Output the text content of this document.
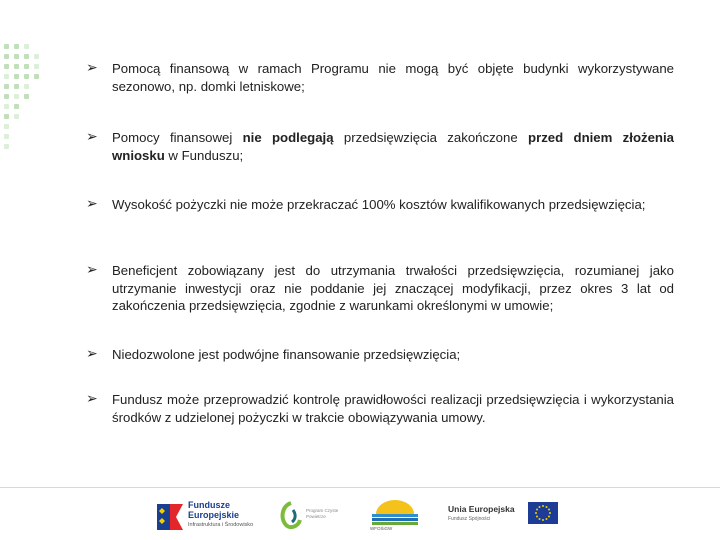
➢ Pomocą finansową w ramach Programu nie mogą być objęte budynki wykorzystywane sezonowo, np. domki letniskowe;
➢ Pomocy finansowej nie podlegają przedsięwzięcia zakończone przed dniem złożenia wniosku w Funduszu;
➢ Wysokość pożyczki nie może przekraczać 100% kosztów kwalifikowanych przedsięwzięcia;
➢ Beneficjent zobowiązany jest do utrzymania trwałości przedsięwzięcia, rozumianej jako utrzymanie inwestycji oraz nie poddanie jej znaczącej modyfikacji, przez okres 3 lat od zakończenia przedsięwzięcia, zgodnie z warunkami określonymi w umowie;
➢ Niedozwolone jest podwójne finansowanie przedsięwzięcia;
➢ Fundusz może przeprowadzić kontrolę prawidłowości realizacji przedsięwzięcia i wykorzystania środków z udzielonej pożyczki w trakcie obowiązywania umowy.
Fundusze
Europejskie
Infrastruktura i Środowisko
Program Czyste Powietrze
WFOŚiGW
Unia Europejska
Fundusz Spójności
